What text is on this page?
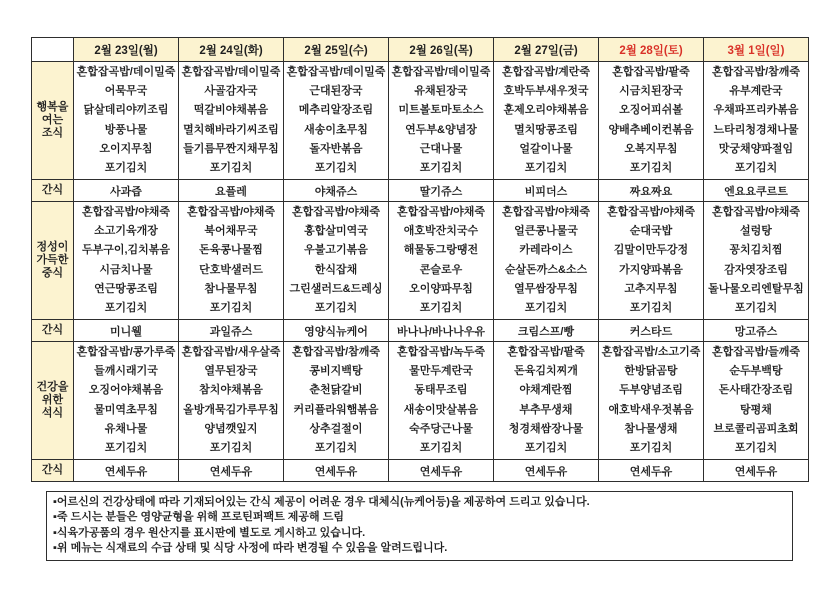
	2월 23일(월)	2월 24일(화)	2월 25일(수)	2월 26일(목)	2월 27일(금)	2월 28일(토)	3월 1일(일)

행복을
여는
조식

혼합잡곡밥/데이밀죽
어묵무국
닭살데리야끼조림
방풍나물
오이지무침
포기김치

혼합잡곡밥/데이밀죽
사골감자국
떡갈비야채볶음
멸치해바라기씨조림
들기름무짠지채무침
포기김치

혼합잡곡밥/데이밀죽
근대된장국
메추리알장조림
새송이초무침
돌자반볶음
포기김치

혼합잡곡밥/데이밀죽
유채된장국
미트볼토마토소스
연두부&양념장
근대나물
포기김치

혼합잡곡밥/계란죽
호박두부새우젓국
훈제오리야채볶음
멸치땅콩조림
얼갈이나물
포기김치

혼합잡곡밥/팥죽
시금치된장국
오징어피쉬볼
양배추베이컨볶음
오복지무침
포기김치

혼합잡곡밥/참깨죽
유부계란국
우채파프리카볶음
느타리청경채나물
맛궁채양파절임
포기김치

간식	사과즙	요플레	야채쥬스	딸기쥬스	비피더스	짜요짜요	엔요요쿠르트

정성이
가득한
중식

혼합잡곡밥/야채죽
소고기육개장
두부구이,김치볶음
시금치나물
연근땅콩조림
포기김치

혼합잡곡밥/야채죽
북어채무국
돈육콩나물찜
단호박샐러드
참나물무침
포기김치

혼합잡곡밥/야채죽
홍합살미역국
우불고기볶음
한식잡채
그린샐러드&드레싱
포기김치

혼합잡곡밥/야채죽
애호박잔치국수
해물동그랑땡전
콘슬로우
오이양파무침
포기김치

혼합잡곡밥/야채죽
얼큰콩나물국
카레라이스
순살돈까스&소스
열무쌈장무침
포기김치

혼합잡곡밥/야채죽
순대국밥
김말이만두강정
가지양파볶음
고추지무침
포기김치

혼합잡곡밥/야채죽
설렁탕
꽁치김치찜
감자엿장조림
돌나물오리엔탈무침
포기김치

간식	미니웰	과일쥬스	영양식뉴케어	바나나/바나나우유	크림스프/빵	커스타드	망고쥬스

건강을
위한
석식

혼합잡곡밥/콩가루죽
들깨시래기국
오징어야채볶음
물미역초무침
유채나물
포기김치

혼합잡곡밥/새우살죽
열무된장국
참치야채볶음
올방개묵김가루무침
양념깻잎지
포기김치

혼합잡곡밥/참깨죽
콩비지백탕
춘천닭갈비
커리플라워햄볶음
상추걸절이
포기김치

혼합잡곡밥/녹두죽
물만두계란국
동태무조림
새송이맛살볶음
숙주당근나물
포기김치

혼합잡곡밥/팥죽
돈육김치찌개
야채계란찜
부추무생채
청경채쌈장나물
포기김치

혼합잡곡밥/소고기죽
한방닭곰탕
두부양념조림
애호박새우젓볶음
참나물생채
포기김치

혼합잡곡밥/들깨죽
순두부백탕
돈사태간장조림
탕평채
브로콜리곰피초회
포기김치

간식	연세두유	연세두유	연세두유	연세두유	연세두유	연세두유	연세두유
▪어르신의 건강상태에 따라 기재되어있는 간식 제공이 어려운 경우 대체식(뉴케어등)을 제공하여 드리고 있습니다.
▪죽 드시는 분들은 영양균형을 위해 프로틴퍼팩트 제공해 드림
▪식육가공품의 경우 원산지를 표시판에 별도로 게시하고 있습니다.
▪위 메뉴는 식재료의 수급 상태 및 식당 사정에 따라 변경될 수 있음을 알려드립니다.
